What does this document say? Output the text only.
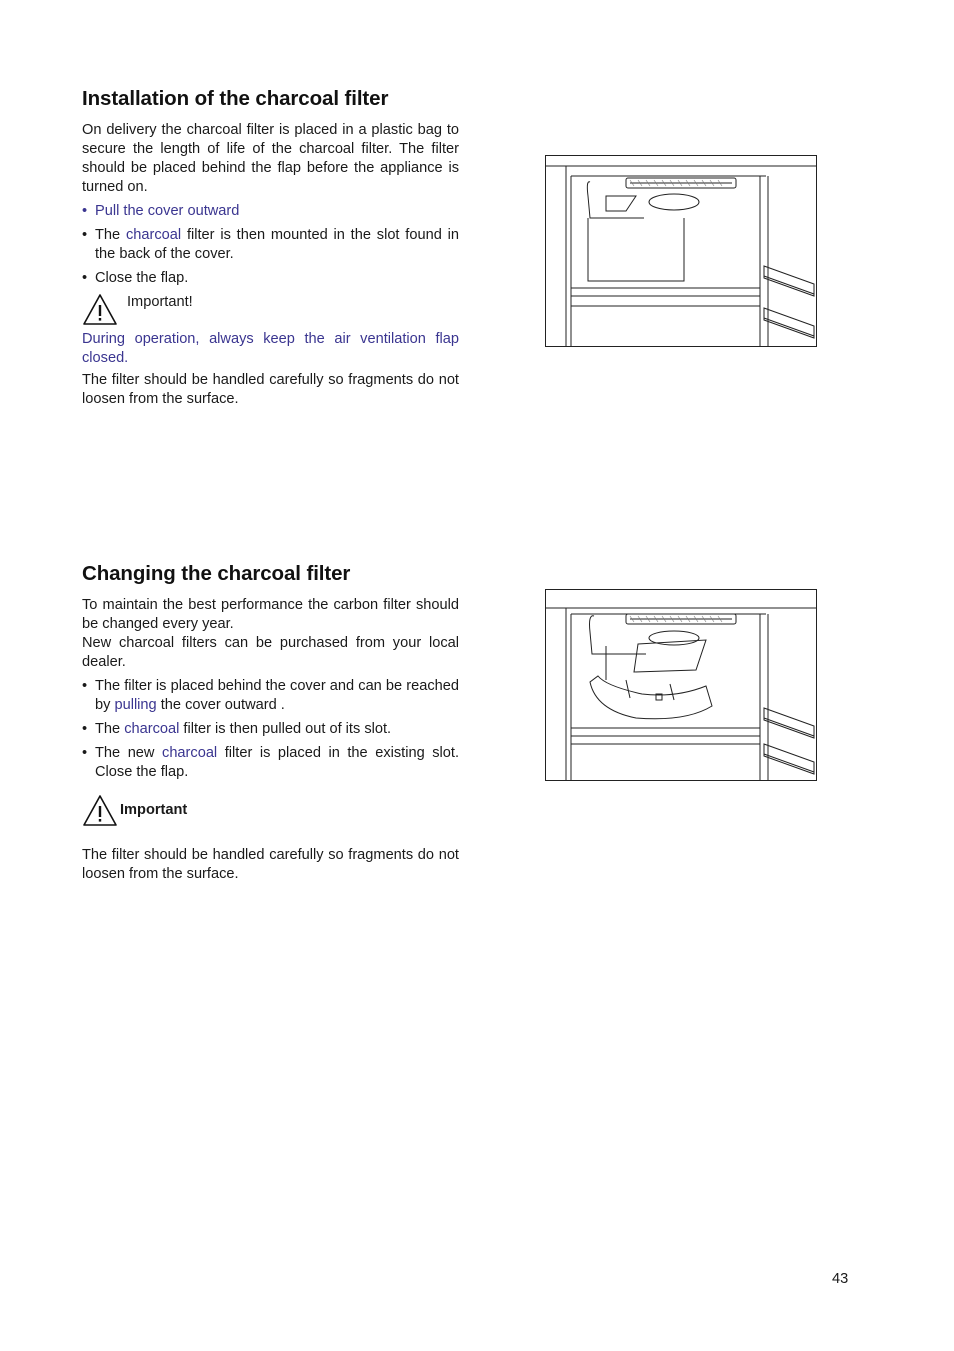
Installation of the charcoal filter

On delivery the charcoal filter is placed in a plastic bag to secure the length of life of the charcoal filter. The filter should be placed behind the flap before the appliance is turned on.

• Pull the cover outward
• The charcoal filter is then mounted in the slot found in the back of the cover.
• Close the flap.
Important!

During operation, always keep the air ventilation flap closed.

The filter should be handled carefully so fragments do not loosen from the surface.

Changing the charcoal filter

To maintain the best performance the carbon filter should be changed every year.

New charcoal filters can be purchased from your local dealer.

• The filter is placed behind the cover and can be reached by pulling the cover outward .
• The charcoal filter is then pulled out of its slot.
• The new charcoal filter is placed in the existing slot. Close the flap.
Important

The filter should be handled carefully so fragments do not loosen from the surface.

43
